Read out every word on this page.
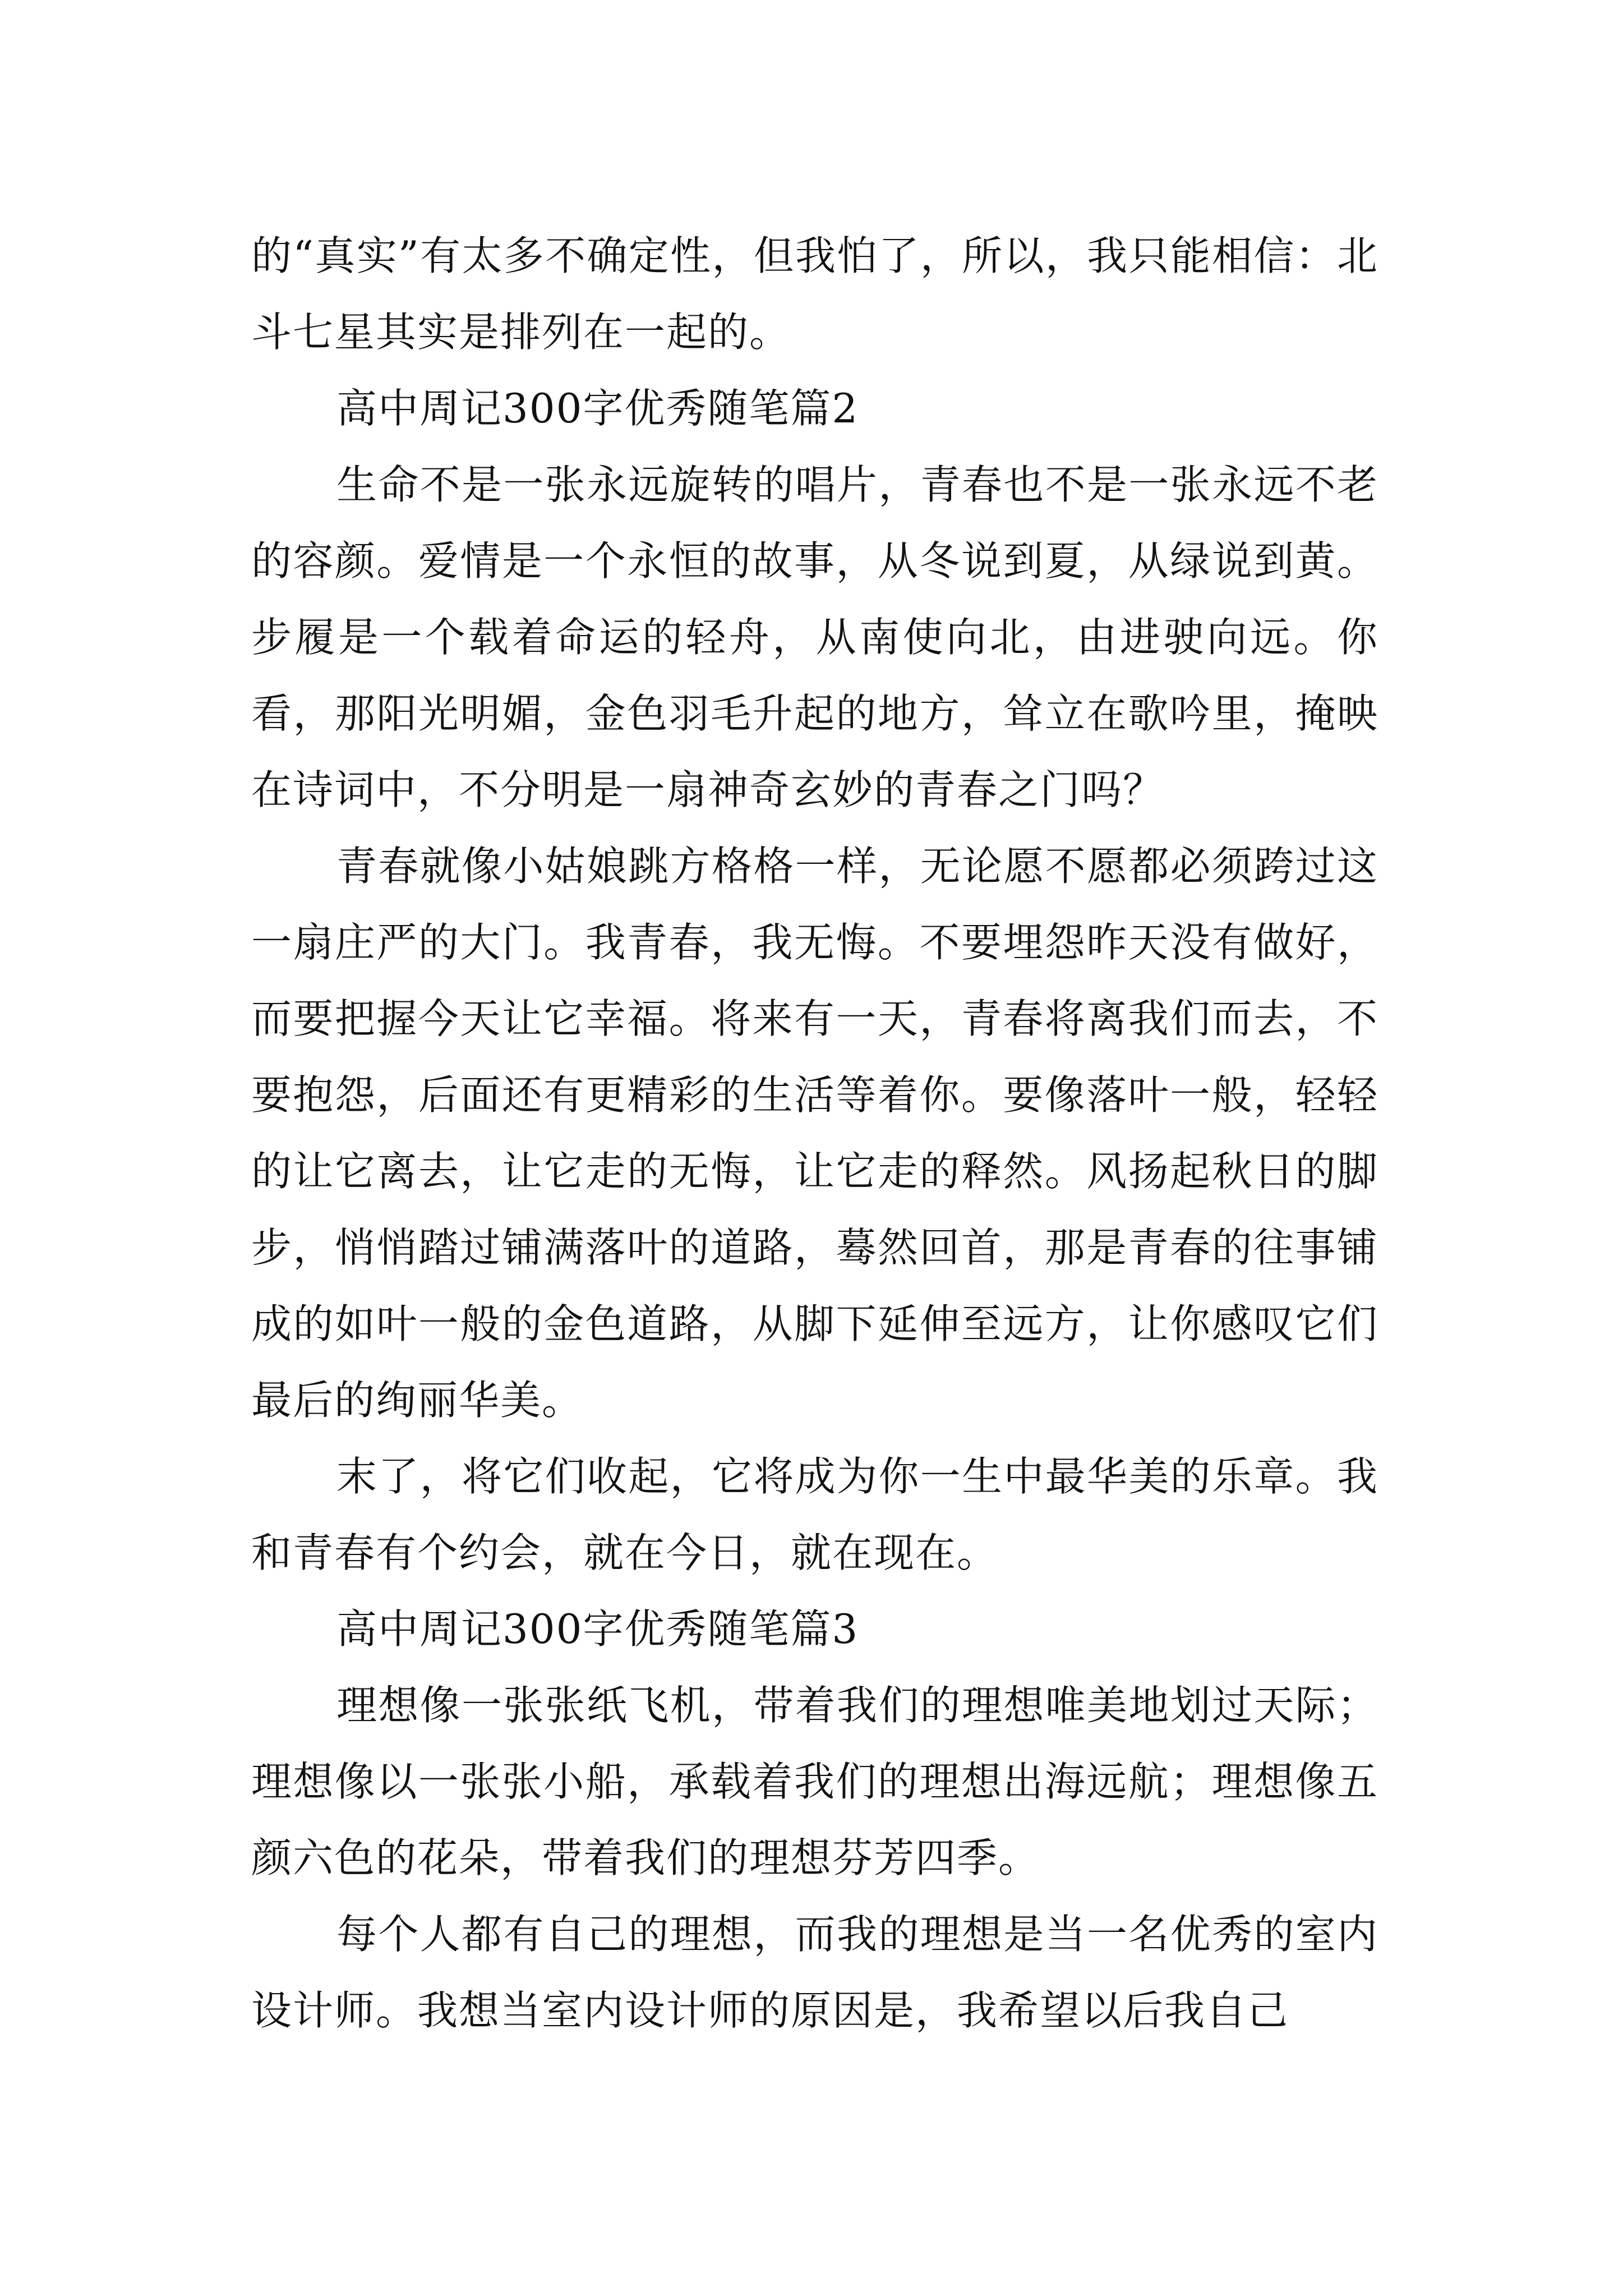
的“真实”有太多不确定性，但我怕了，所以，我只能相信：北斗七星其实是排列在一起的。

高中周记300字优秀随笔篇2

生命不是一张永远旋转的唱片，青春也不是一张永远不老的容颜。爱情是一个永恒的故事，从冬说到夏，从绿说到黄。步履是一个载着命运的轻舟，从南使向北，由进驶向远。你看，那阳光明媚，金色羽毛升起的地方，耸立在歌吟里，掩映在诗词中，不分明是一扇神奇玄妙的青春之门吗？

青春就像小姑娘跳方格格一样，无论愿不愿都必须跨过这一扇庄严的大门。我青春，我无悔。不要埋怨昨天没有做好，而要把握今天让它幸福。将来有一天，青春将离我们而去，不要抱怨，后面还有更精彩的生活等着你。要像落叶一般，轻轻的让它离去，让它走的无悔，让它走的释然。风扬起秋日的脚步，悄悄踏过铺满落叶的道路，蓦然回首，那是青春的往事铺成的如叶一般的金色道路，从脚下延伸至远方，让你感叹它们最后的绚丽华美。

末了，将它们收起，它将成为你一生中最华美的乐章。我和青春有个约会，就在今日，就在现在。

高中周记300字优秀随笔篇3

理想像一张张纸飞机，带着我们的理想唯美地划过天际；理想像以一张张小船，承载着我们的理想出海远航；理想像五颜六色的花朵，带着我们的理想芬芳四季。

每个人都有自己的理想，而我的理想是当一名优秀的室内设计师。我想当室内设计师的原因是，我希望以后我自己
